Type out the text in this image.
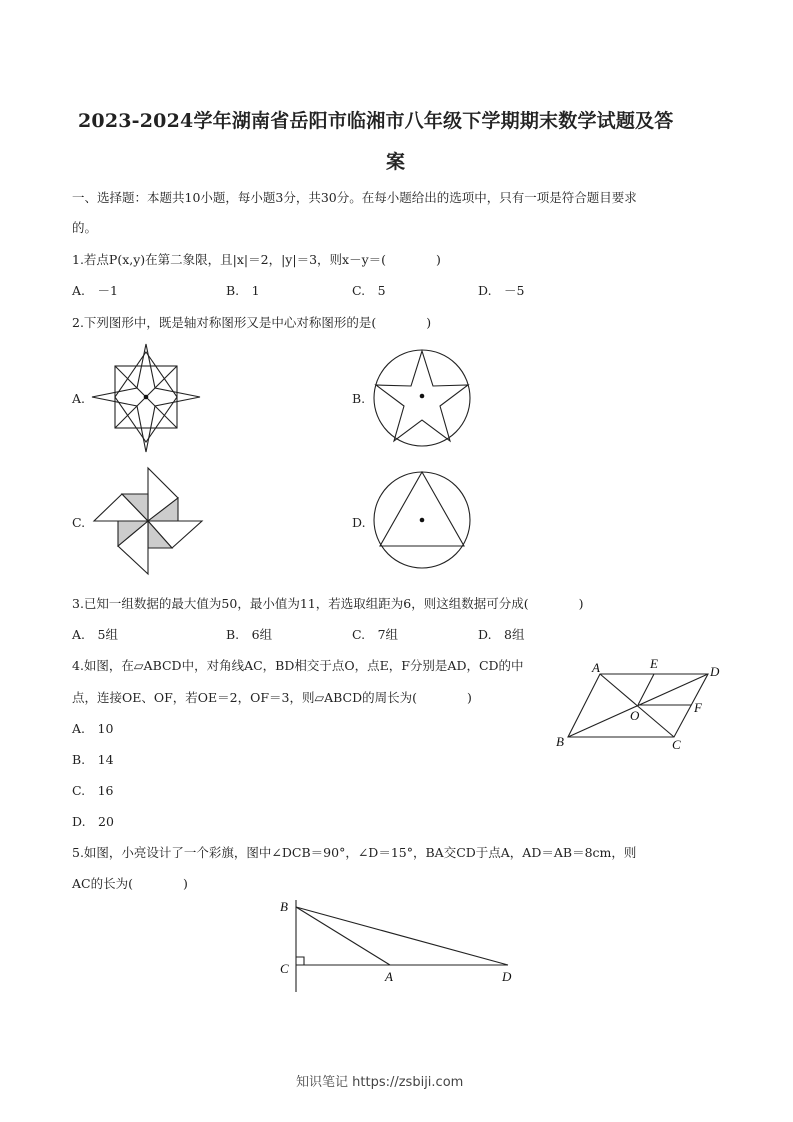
2023-2024学年湖南省岳阳市临湘市八年级下学期期末数学试题及答
案
一、选择题：本题共10小题，每小题3分，共30分。在每小题给出的选项中，只有一项是符合题目要求
的。
1.若点P(x,y)在第二象限，且|x|＝2，|y|＝3，则x－y＝(　　　　)
A.　－1	B.　1	C.　5	D.　－5
2.下列图形中，既是轴对称图形又是中心对称图形的是(　　　　)
A.	B.
C.	D.
3.已知一组数据的最大值为50，最小值为11，若选取组距为6，则这组数据可分成(　　　　)
A.　5组	B.　6组	C.　7组	D.　8组
4.如图，在▱ABCD中，对角线AC，BD相交于点O，点E，F分别是AD，CD的中
点，连接OE、OF，若OE＝2，OF＝3，则▱ABCD的周长为(　　　　)
A.　10
B.　14
C.　16
D.　20
A	E
D
O
F
B	C
5.如图，小亮设计了一个彩旗，图中∠DCB＝90°，∠D＝15°，BA交CD于点A，AD＝AB＝8cm，则
AC的长为(　　　　)
B
C
A	D
知识笔记 https://zsbiji.com
